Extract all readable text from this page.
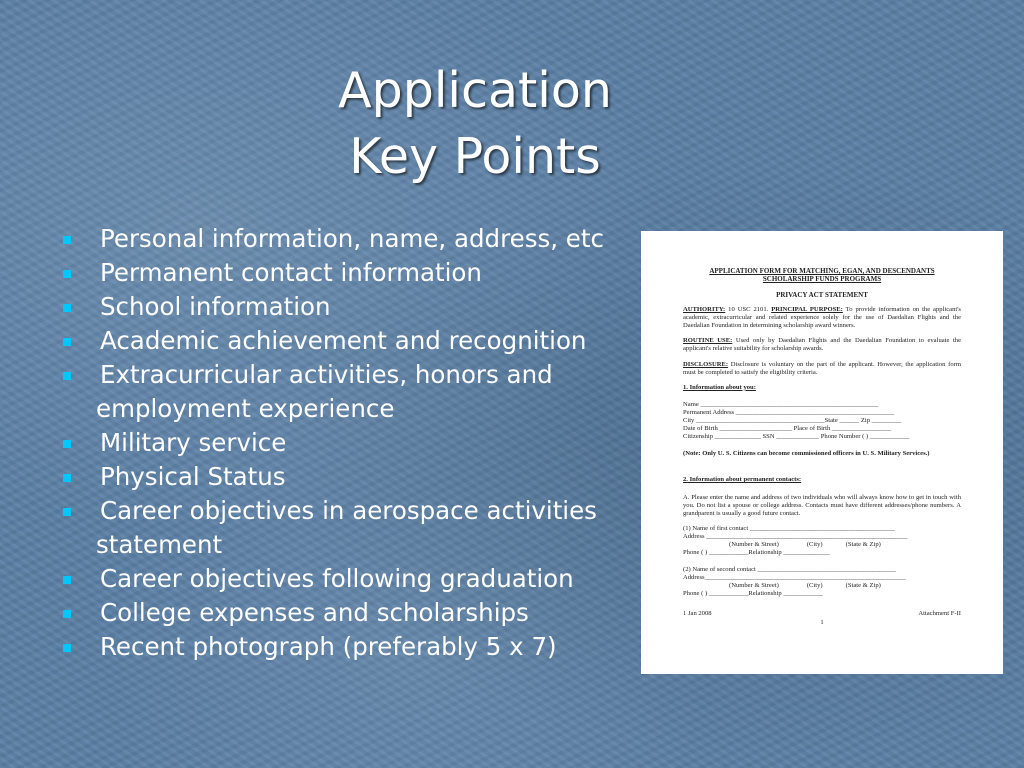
Application
Key Points
Personal information, name, address, etc
Permanent contact information
School information
Academic achievement and recognition
Extracurricular activities, honors and
employment experience
Military service
Physical Status
Career objectives in aerospace activities
statement
Career objectives following graduation
College expenses and scholarships
Recent photograph (preferably 5 x 7)
APPLICATION FORM FOR MATCHING, EGAN, AND DESCENDANTS
SCHOLARSHIP FUNDS PROGRAMS
PRIVACY ACT STATEMENT

AUTHORITY: 10 USC 2101. PRINCIPAL PURPOSE: To provide information on the applicant's academic, extracurricular and related experience solely for the use of Daedalian Flights and the Daedalian Foundation in determining scholarship award winners.

ROUTINE USE: Used only by Daedalian Flights and the Daedalian Foundation to evaluate the applicant's relative suitability for scholarship awards.

DISCLOSURE: Disclosure is voluntary on the part of the applicant. However, the application form must be completed to satisfy the eligibility criteria.

1. Information about you:
Name ______________________________________________________
Permanent Address ________________________________________________
City _______________________________________State ______ Zip _________
Date of Birth ______________________ Place of Birth __________________
Citizenship ______________ SSN _____________ Phone Number ( ) ____________
(Note: Only U. S. Citizens can become commissioned officers in U. S. Military Services.)
2. Information about permanent contacts:

A. Please enter the name and address of two individuals who will always know how to get in touch with you. Do not list a spouse or college address. Contacts must have different addresses/phone numbers. A grandparent is usually a good future contact.

(1) Name of first contact ____________________________________________
Address _____________________________________________________________
(Number & Street)                 (City)              (State & Zip)
Phone ( ) ____________Relationship ______________
(2) Name of second contact __________________________________________
Address_____________________________________________________________
(Number & Street)                 (City)              (State & Zip)
Phone ( ) ____________Relationship ____________
1 Jan 2008	Attachment F-II
1
